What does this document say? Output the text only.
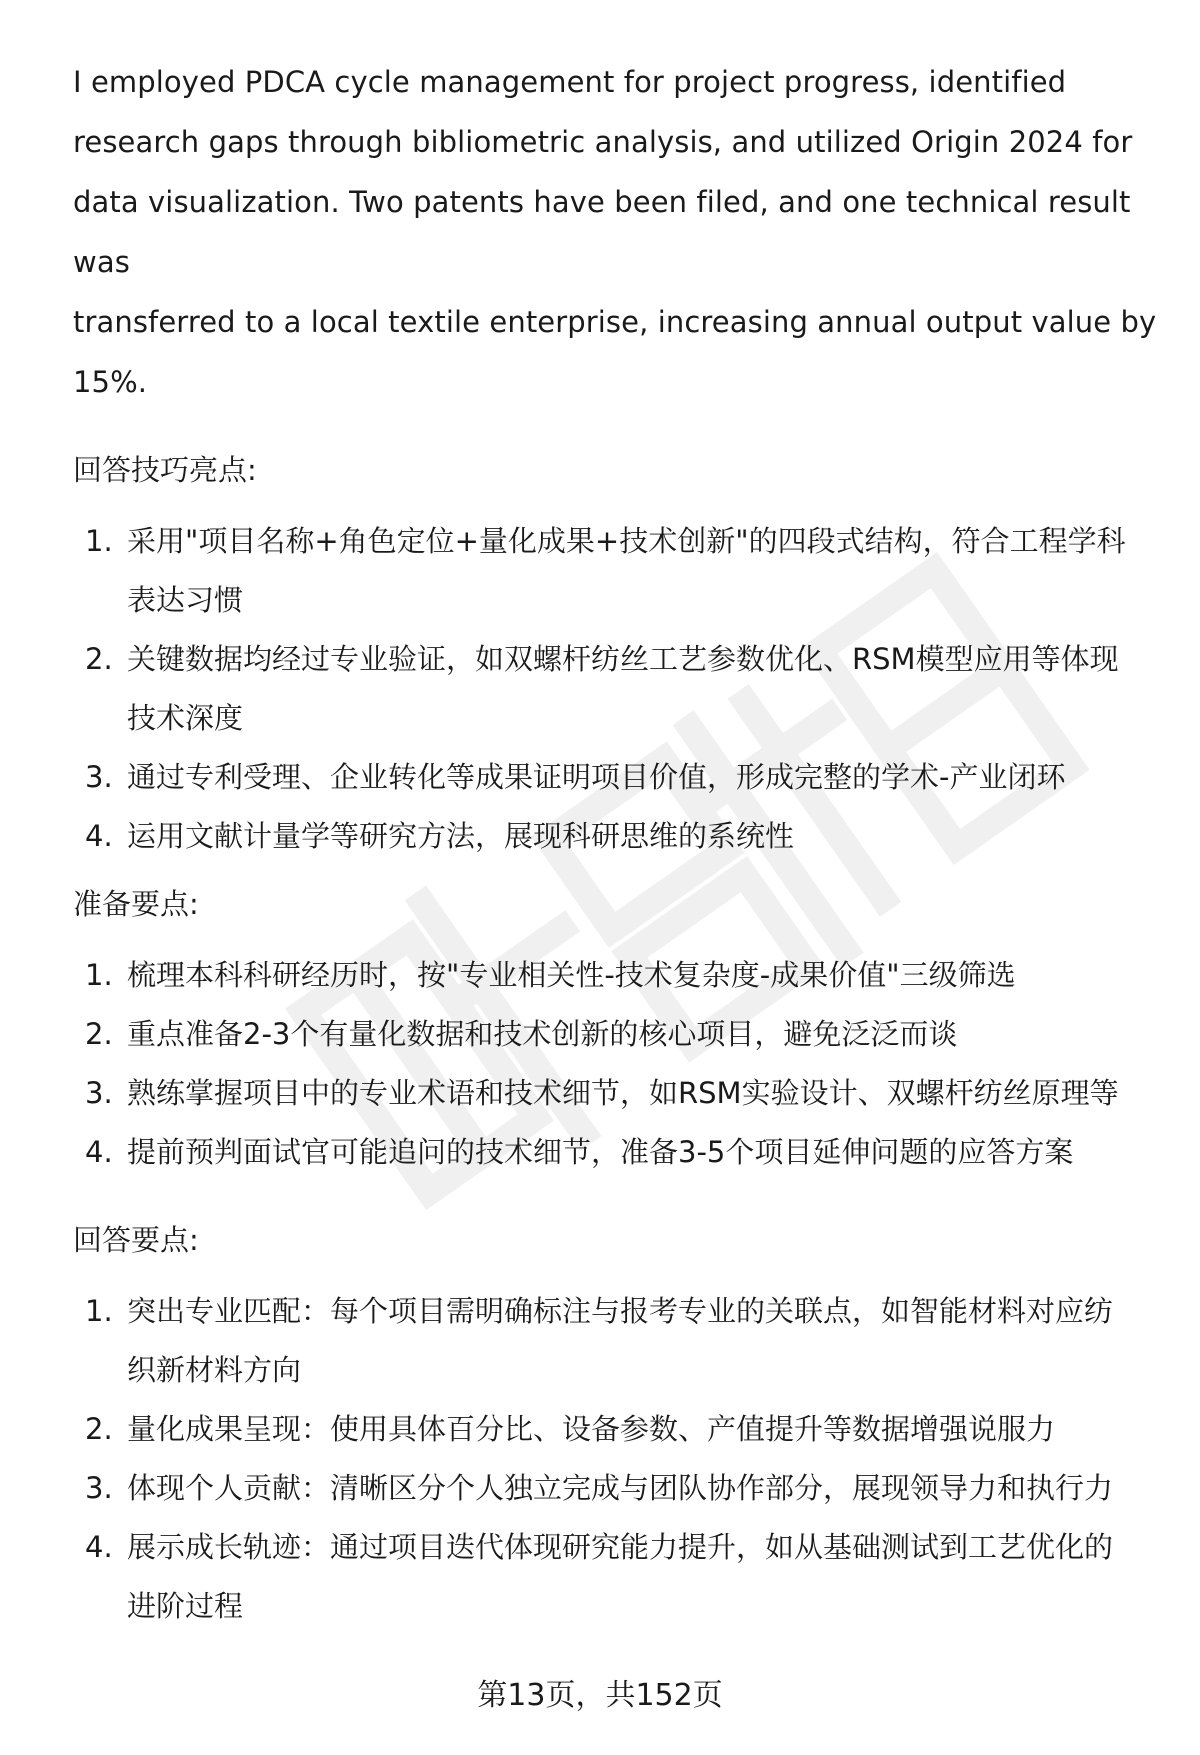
I employed PDCA cycle management for project progress, identified
research gaps through bibliometric analysis, and utilized Origin 2024 for
data visualization. Two patents have been filed, and one technical result was
transferred to a local textile enterprise, increasing annual output value by
15%.

回答技巧亮点:

1. 采用"项目名称+角色定位+量化成果+技术创新"的四段式结构，符合工程学科
表达习惯
2. 关键数据均经过专业验证，如双螺杆纺丝工艺参数优化、RSM模型应用等体现
技术深度
3. 通过专利受理、企业转化等成果证明项目价值，形成完整的学术-产业闭环
4. 运用文献计量学等研究方法，展现科研思维的系统性

准备要点:

1. 梳理本科科研经历时，按"专业相关性-技术复杂度-成果价值"三级筛选
2. 重点准备2-3个有量化数据和技术创新的核心项目，避免泛泛而谈
3. 熟练掌握项目中的专业术语和技术细节，如RSM实验设计、双螺杆纺丝原理等
4. 提前预判面试官可能追问的技术细节，准备3-5个项目延伸问题的应答方案

回答要点:

1. 突出专业匹配：每个项目需明确标注与报考专业的关联点，如智能材料对应纺
织新材料方向
2. 量化成果呈现：使用具体百分比、设备参数、产值提升等数据增强说服力
3. 体现个人贡献：清晰区分个人独立完成与团队协作部分，展现领导力和执行力
4. 展示成长轨迹：通过项目迭代体现研究能力提升，如从基础测试到工艺优化的
进阶过程
第13页，共152页
